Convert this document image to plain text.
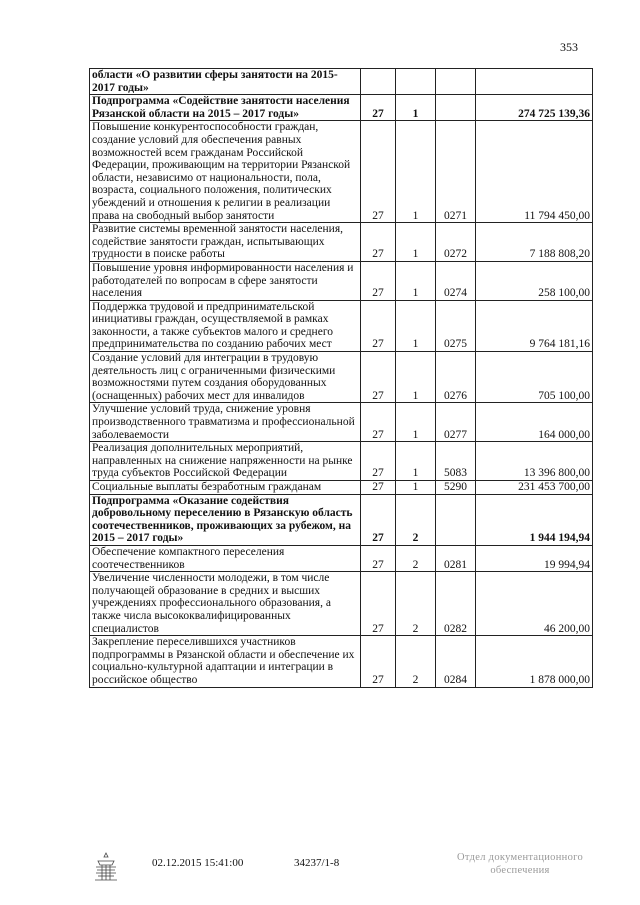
353
области «О развитии сферы занятости на 2015-2017 годы»				
Подпрограмма «Содействие занятости населения Рязанской области на 2015 – 2017 годы»	27	1		274 725 139,36
Повышение конкурентоспособности граждан, создание условий для обеспечения равных возможностей всем гражданам Российской Федерации, проживающим на территории Рязанской области, независимо от национальности, пола, возраста, социального положения, политических убеждений и отношения к религии в реализации права на свободный выбор занятости	27	1	0271	11 794 450,00
Развитие системы временной занятости населения, содействие занятости граждан, испытывающих трудности в поиске работы	27	1	0272	7 188 808,20
Повышение уровня информированности населения и работодателей по вопросам в сфере занятости населения	27	1	0274	258 100,00
Поддержка трудовой и предпринимательской инициативы граждан, осуществляемой в рамках законности, а также субъектов малого и среднего предпринимательства по созданию рабочих мест	27	1	0275	9 764 181,16
Создание условий для интеграции в трудовую деятельность лиц с ограниченными физическими возможностями путем создания оборудованных (оснащенных) рабочих мест для инвалидов	27	1	0276	705 100,00
Улучшение условий труда, снижение уровня производственного травматизма и профессиональной заболеваемости	27	1	0277	164 000,00
Реализация дополнительных мероприятий, направленных на снижение напряженности на рынке труда субъектов Российской Федерации	27	1	5083	13 396 800,00
Социальные выплаты безработным гражданам	27	1	5290	231 453 700,00
Подпрограмма «Оказание содействия добровольному переселению в Рязанскую область соотечественников, проживающих за рубежом, на 2015 – 2017 годы»	27	2		1 944 194,94
Обеспечение компактного переселения соотечественников	27	2	0281	19 994,94
Увеличение численности молодежи, в том числе получающей образование в средних и высших учреждениях профессионального образования, а также числа высококвалифицированных специалистов	27	2	0282	46 200,00
Закрепление переселившихся участников подпрограммы в Рязанской области и обеспечение их социально-культурной адаптации и интеграции в российское общество	27	2	0284	1 878 000,00
02.12.2015 15:41:00	34237/1-8	Отдел документационного
обеспечения
